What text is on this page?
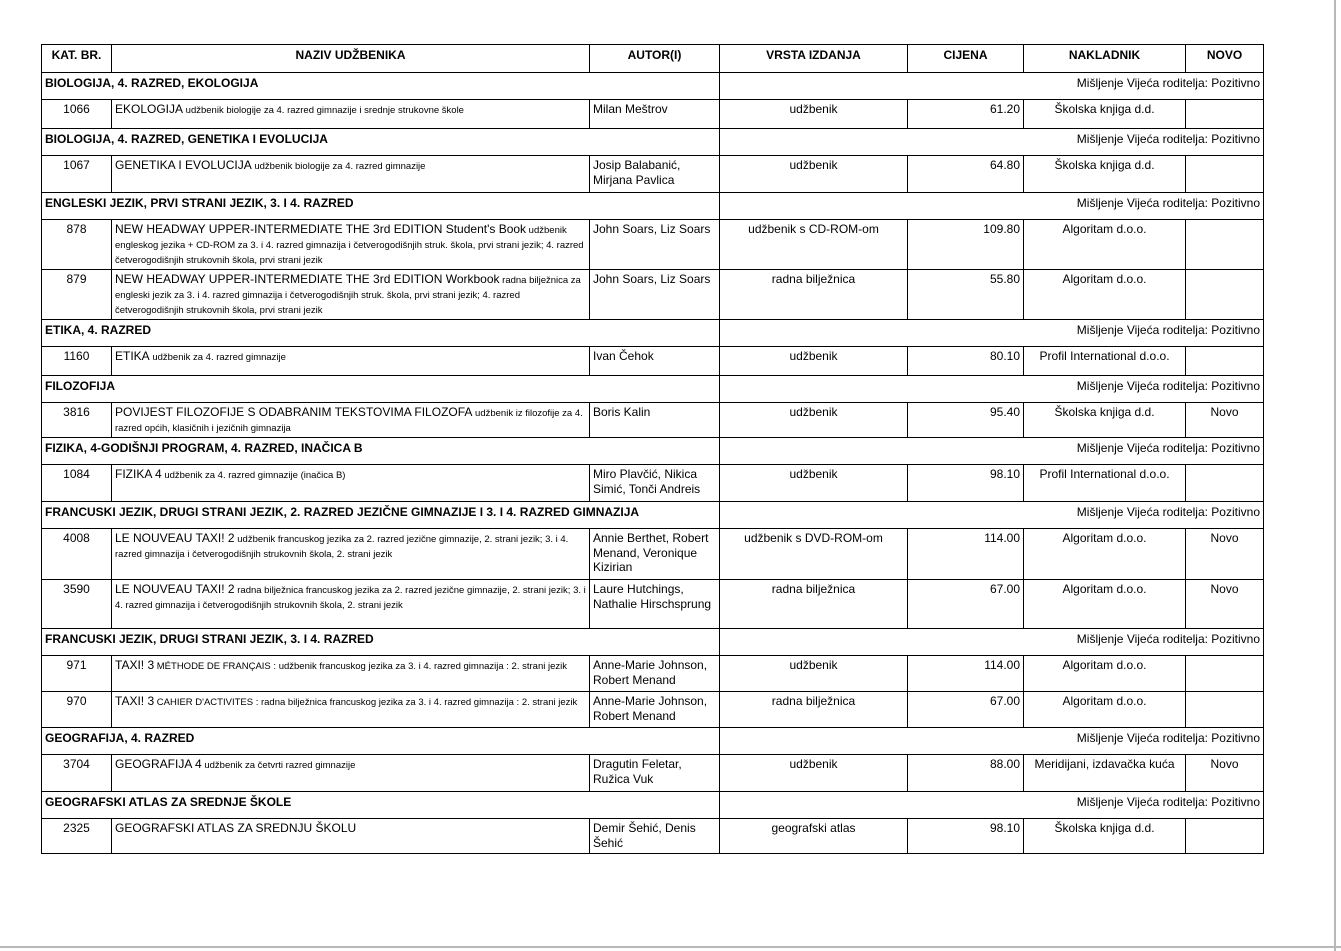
KAT. BR.	NAZIV UDŽBENIKA	AUTOR(I)	VRSTA IZDANJA	CIJENA	NAKLADNIK	NOVO
BIOLOGIJA, 4. RAZRED, EKOLOGIJA			Mišljenje Vijeća roditelja: Pozitivno			
1066	EKOLOGIJA udžbenik biologije za 4. razred gimnazije i srednje strukovne škole	Milan Meštrov	udžbenik	61.20	Školska knjiga d.d.	
BIOLOGIJA, 4. RAZRED, GENETIKA I EVOLUCIJA			Mišljenje Vijeća roditelja: Pozitivno			
1067	GENETIKA I EVOLUCIJA udžbenik biologije za 4. razred gimnazije	Josip Balabanić, Mirjana Pavlica	udžbenik	64.80	Školska knjiga d.d.	
ENGLESKI JEZIK, PRVI STRANI JEZIK, 3. I 4. RAZRED			Mišljenje Vijeća roditelja: Pozitivno			
878	NEW HEADWAY UPPER-INTERMEDIATE THE 3rd EDITION Student's Book udžbenik engleskog jezika + CD-ROM za 3. i 4. razred gimnazija i četverogodišnjih struk. škola, prvi strani jezik; 4. razred četverogodišnjih strukovnih škola, prvi strani jezik	John Soars, Liz Soars	udžbenik s CD-ROM-om	109.80	Algoritam d.o.o.	
879	NEW HEADWAY UPPER-INTERMEDIATE THE 3rd EDITION Workbook radna bilježnica za engleski jezik za 3. i 4. razred gimnazija i četverogodišnjih struk. škola, prvi strani jezik; 4. razred četverogodišnjih strukovnih škola, prvi strani jezik	John Soars, Liz Soars	radna bilježnica	55.80	Algoritam d.o.o.	
ETIKA, 4. RAZRED			Mišljenje Vijeća roditelja: Pozitivno			
1160	ETIKA udžbenik za 4. razred gimnazije	Ivan Čehok	udžbenik	80.10	Profil International d.o.o.	
FILOZOFIJA			Mišljenje Vijeća roditelja: Pozitivno			
3816	POVIJEST FILOZOFIJE S ODABRANIM TEKSTOVIMA FILOZOFA udžbenik iz filozofije za 4. razred općih, klasičnih i jezičnih gimnazija	Boris Kalin	udžbenik	95.40	Školska knjiga d.d.	Novo
FIZIKA, 4-GODIŠNJI PROGRAM, 4. RAZRED, INAČICA B			Mišljenje Vijeća roditelja: Pozitivno			
1084	FIZIKA 4 udžbenik za 4. razred gimnazije (inačica B)	Miro Plavčić, Nikica Simić, Tonči Andreis	udžbenik	98.10	Profil International d.o.o.	
FRANCUSKI JEZIK, DRUGI STRANI JEZIK, 2. RAZRED JEZIČNE GIMNAZIJE I 3. I 4. RAZRED GIMNAZIJA			Mišljenje Vijeća roditelja: Pozitivno			
4008	LE NOUVEAU TAXI! 2 udžbenik francuskog jezika za 2. razred jezične gimnazije, 2. strani jezik; 3. i 4. razred gimnazija i četverogodišnjih strukovnih škola, 2. strani jezik	Annie Berthet, Robert Menand, Veronique Kizirian	udžbenik s DVD-ROM-om	114.00	Algoritam d.o.o.	Novo
3590	LE NOUVEAU TAXI! 2 radna bilježnica francuskog jezika za 2. razred jezične gimnazije, 2. strani jezik; 3. i 4. razred gimnazija i četverogodišnjih strukovnih škola, 2. strani jezik	Laure Hutchings, Nathalie Hirschsprung	radna bilježnica	67.00	Algoritam d.o.o.	Novo
FRANCUSKI JEZIK, DRUGI STRANI JEZIK, 3. I 4. RAZRED			Mišljenje Vijeća roditelja: Pozitivno			
971	TAXI! 3 MÉTHODE DE FRANÇAIS : udžbenik francuskog jezika za 3. i 4. razred gimnazija : 2. strani jezik	Anne-Marie Johnson, Robert Menand	udžbenik	114.00	Algoritam d.o.o.	
970	TAXI! 3 CAHIER D'ACTIVITES : radna bilježnica francuskog jezika za 3. i 4. razred gimnazija : 2. strani jezik	Anne-Marie Johnson, Robert Menand	radna bilježnica	67.00	Algoritam d.o.o.	
GEOGRAFIJA, 4. RAZRED			Mišljenje Vijeća roditelja: Pozitivno			
3704	GEOGRAFIJA 4 udžbenik za četvrti razred gimnazije	Dragutin Feletar, Ružica Vuk	udžbenik	88.00	Meridijani, izdavačka kuća	Novo
GEOGRAFSKI ATLAS ZA SREDNJE ŠKOLE			Mišljenje Vijeća roditelja: Pozitivno			
2325	GEOGRAFSKI ATLAS ZA SREDNJU ŠKOLU	Demir Šehić, Denis Šehić	geografski atlas	98.10	Školska knjiga d.d.	
